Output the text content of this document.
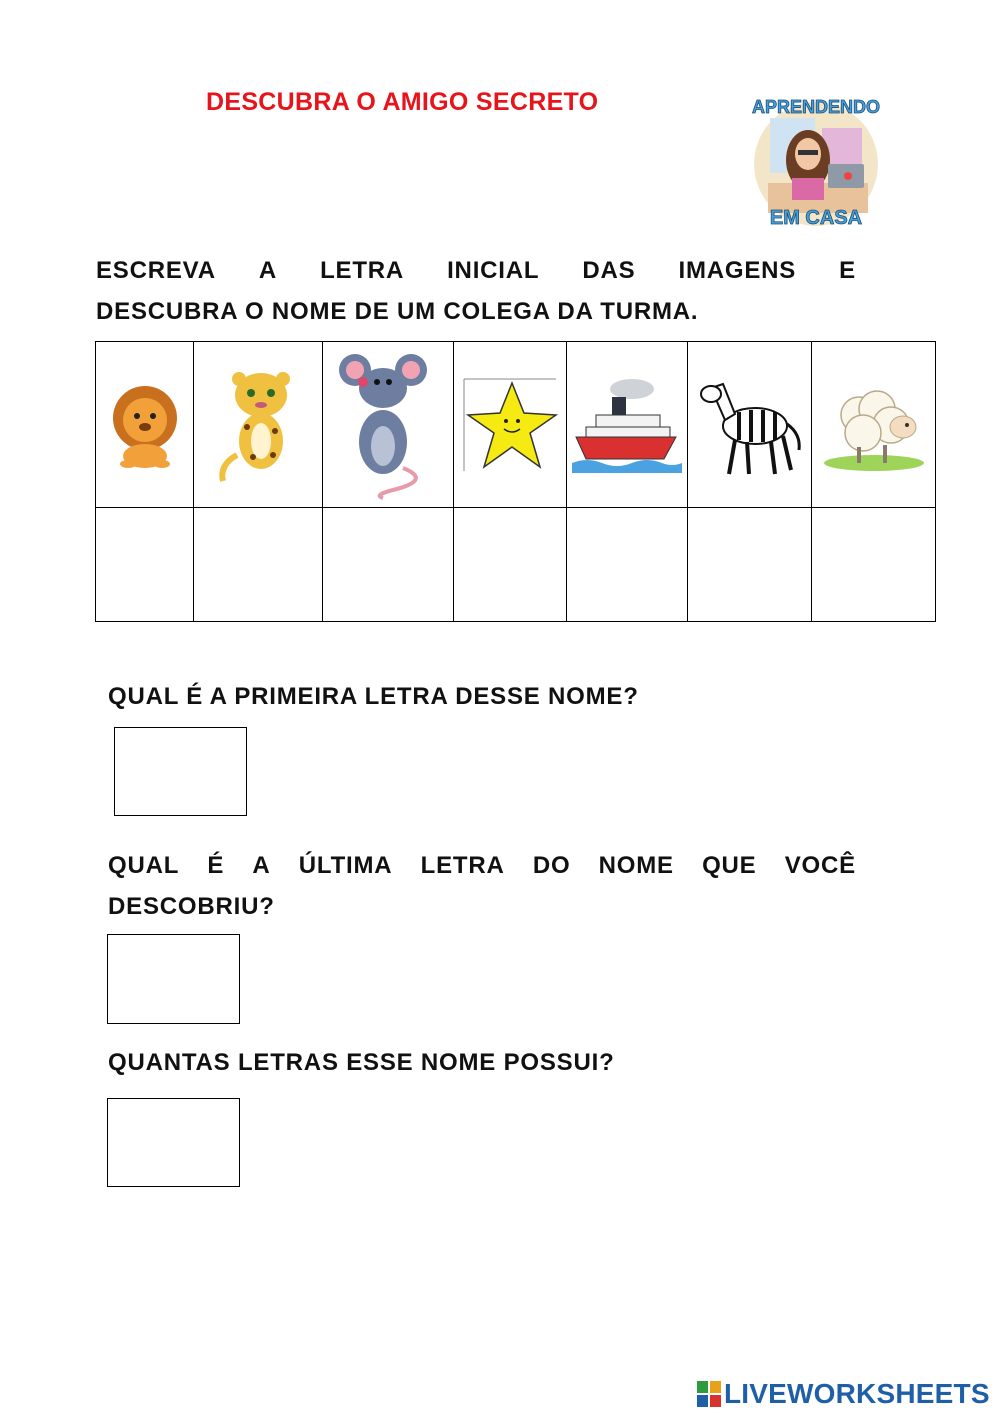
DESCUBRA O AMIGO SECRETO	APRENDENDO
EM CASA
ESCREVA A LETRA INICIAL DAS IMAGENS E
DESCUBRA O NOME DE UM COLEGA DA TURMA.

QUAL É A PRIMEIRA LETRA DESSE NOME?
QUAL É A ÚLTIMA LETRA DO NOME QUE VOCÊ
DESCOBRIU?
QUANTAS LETRAS ESSE NOME POSSUI?
LIVEWORKSHEETS
